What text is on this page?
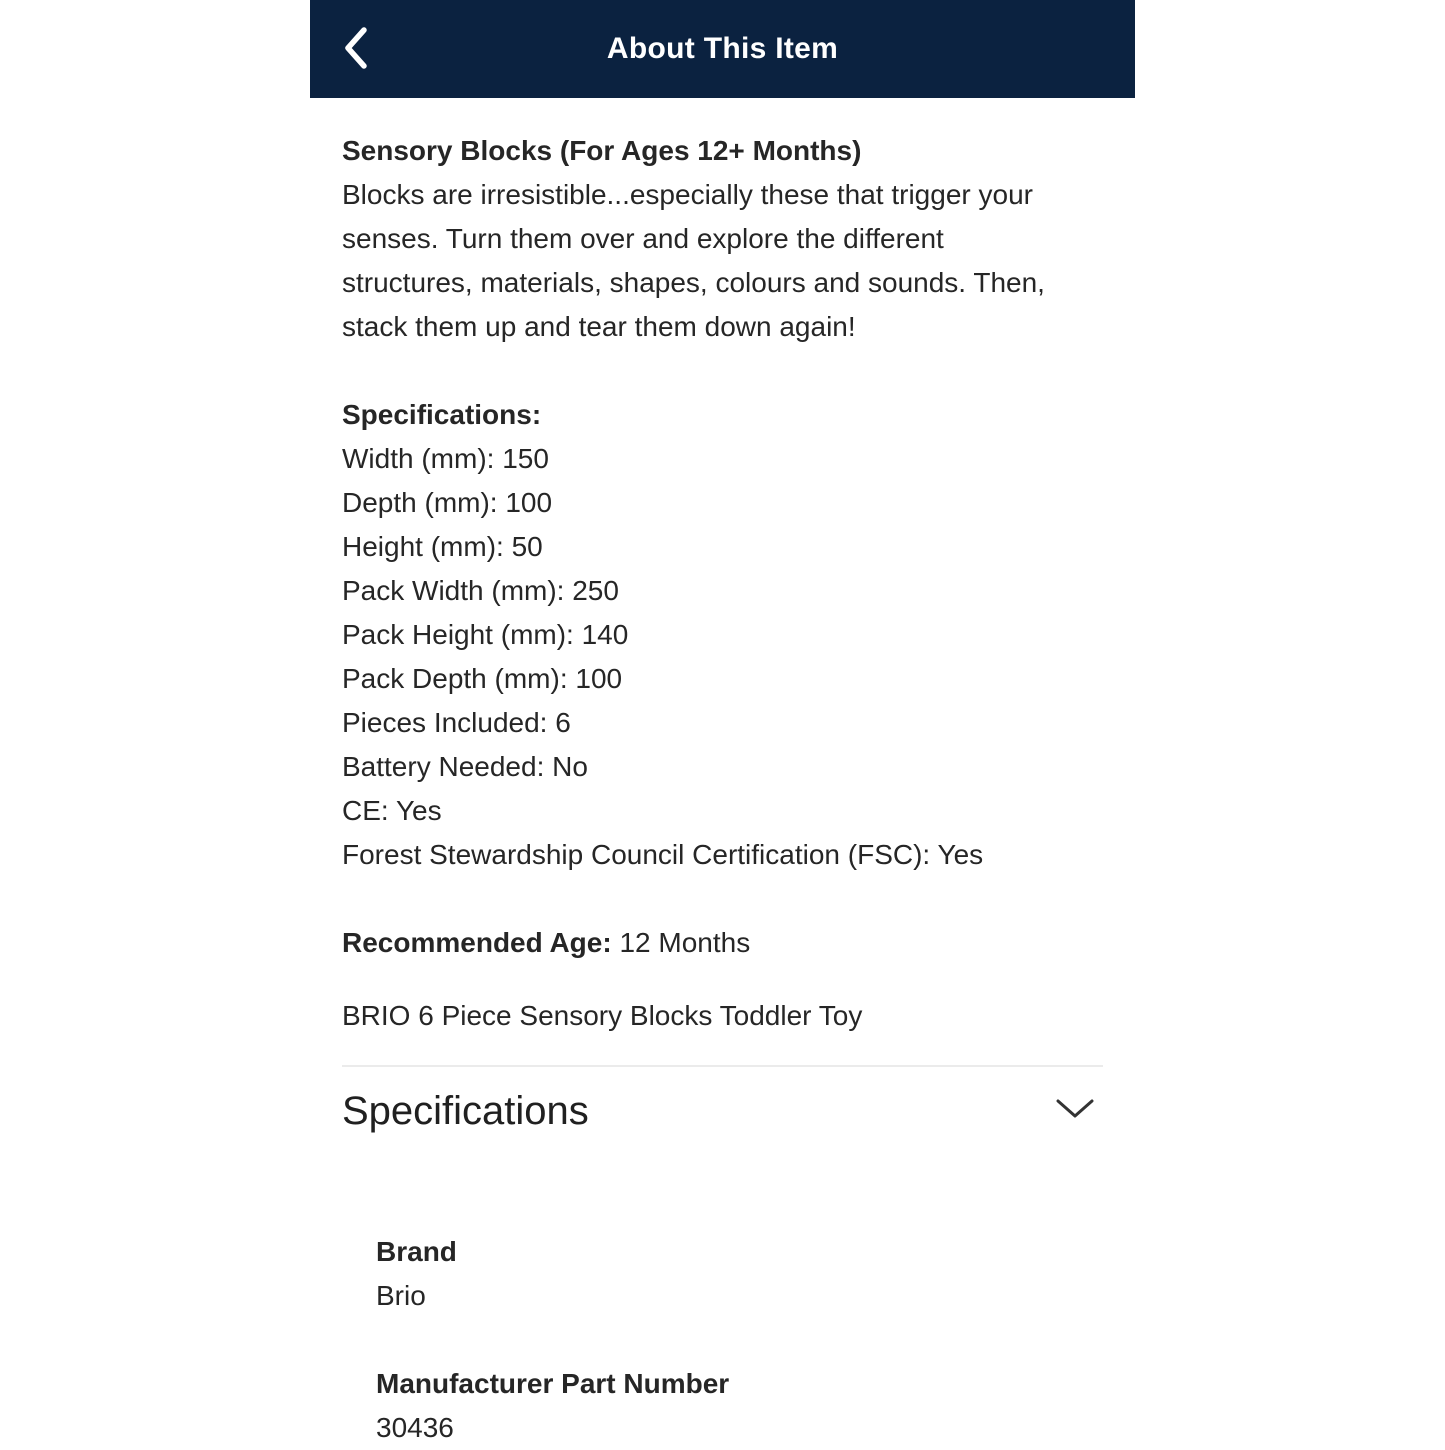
About This Item
Sensory Blocks (For Ages 12+ Months)

Blocks are irresistible...especially these that trigger your senses. Turn them over and explore the different structures, materials, shapes, colours and sounds. Then, stack them up and tear them down again!

Specifications:
Width (mm): 150
Depth (mm): 100
Height (mm): 50
Pack Width (mm): 250
Pack Height (mm): 140
Pack Depth (mm): 100
Pieces Included: 6
Battery Needed: No
CE: Yes
Forest Stewardship Council Certification (FSC): Yes
Recommended Age: 12 Months
BRIO 6 Piece Sensory Blocks Toddler Toy
Specifications
Brand
Brio
Manufacturer Part Number
30436
